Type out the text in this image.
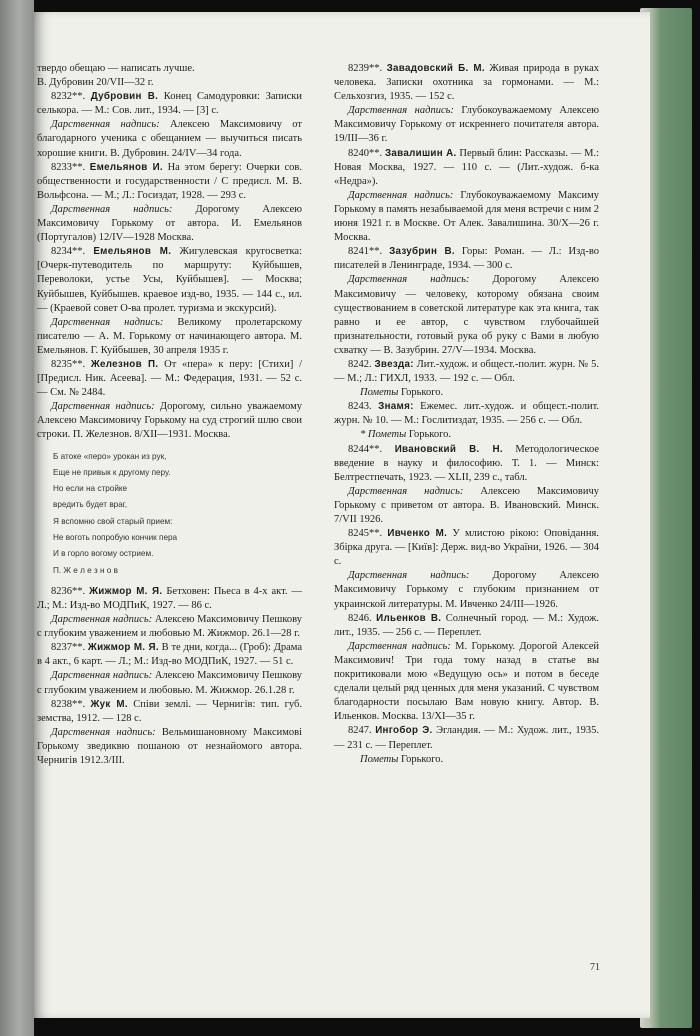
твердо обещаю — написать лучше.

В. Дубровин 20/VII—32 г.

8232**. Дубровин В. Конец Самодуровки: Записки селькора. — М.: Сов. лит., 1934. — [3] с.

Дарственная надпись: Алексею Максимовичу от благодарного ученика с обещанием — выучиться писать хорошие книги. В. Дубровин. 24/IV—34 года.

8233**. Емельянов И. На этом берегу: Очерки сов. общественности и государственности / С предисл. М. В. Вольфсона. — М.; Л.: Госиздат, 1928. — 293 с.

Дарственная надпись: Дорогому Алексею Максимовичу Горькому от автора. И. Емельянов (Португалов) 12/IV—1928 Москва.

8234**. Емельянов М. Жигулевская кругосветка: [Очерк-путеводитель по маршруту: Куйбышев, Переволоки, устье Усы, Куйбышев]. — Москва; Куйбышев, Куйбышев. краевое изд-во, 1935. — 144 с., ил. — (Краевой совет О-ва пролет. туризма и экскурсий).

Дарственная надпись: Великому пролетарскому писателю — А. М. Горькому от начинающего автора. М. Емельянов. Г. Куйбышев, 30 апреля 1935 г.

8235**. Железнов П. От «пера» к перу: [Стихи] / [Предисл. Ник. Асеева]. — М.: Федерация, 1931. — 52 с. — См. № 2484.

Дарственная надпись: Дорогому, сильно уважаемому Алексею Максимовичу Горькому на суд строгий шлю свои строки. П. Железнов. 8/XII—1931. Москва.

Б атоке «перо» урокан из рук,
Еще не привык к другому перу.
Но если на стройке
вредить будет враг,
Я вспомню свой старый прием:
Не воготь попробую кончик пера
И в горло вогому острием.
П. Ж е л е з н о в

8236**. Жижмор М. Я. Бетховен: Пьеса в 4-х акт. — Л.; М.: Изд-во МОДПиК, 1927. — 86 с.

Дарственная надпись: Алексею Максимовичу Пешкову с глубоким уважением и любовью М. Жижмор. 26.1—28 г.

8237**. Жижмор М. Я. В те дни, когда... (Гроб): Драма в 4 акт., 6 карт. — Л.; М.: Изд-во МОДПиК, 1927. — 51 с.

Дарственная надпись: Алексею Максимовичу Пешкову с глубоким уважением и любовью. М. Жижмор. 26.1.28 г.

8238**. Жук М. Співи землі. — Чернигів: тип. губ. земства, 1912. — 128 с.

Дарственная надпись: Вельмишановному Максимові Горькому зведиквю пошаною от незнайомого автора. Чернигів 1912.3/III.

8239**. Завадовский Б. М. Живая природа в руках человека. Записки охотника за гормонами. — М.: Сельхозгиз, 1935. — 152 с.

Дарственная надпись: Глубокоуважаемому Алексею Максимовичу Горькому от искреннего почитателя автора. 19/III—36 г.

8240**. Завалишин А. Первый блин: Рассказы. — М.: Новая Москва, 1927. — 110 с. — (Лит.-худож. б-ка «Недра»).

Дарственная надпись: Глубокоуважаемому Максиму Горькому в память незабываемой для меня встречи с ним 2 июня 1921 г. в Москве. От Алек. Завалишина. 30/X—26 г. Москва.

8241**. Зазубрин В. Горы: Роман. — Л.: Изд-во писателей в Ленинграде, 1934. — 300 с.

Дарственная надпись: Дорогому Алексею Максимовичу — человеку, которому обязана своим существованием в советской литературе как эта книга, так равно и ее автор, с чувством глубочайшей признательности, готовый рука об руку с Вами в любую схватку — В. Зазубрин. 27/V—1934. Москва.

8242. Звезда: Лит.-худож. и общест.-полит. журн. № 5. — М.; Л.: ГИХЛ, 1933. — 192 с. — Обл.

Пометы Горького.

8243. Знамя: Ежемес. лит.-худож. и общест.-полит. журн. № 10. — М.: Гослитиздат, 1935. — 256 с. — Обл.

* Пометы Горького.

8244**. Ивановский В. Н. Методологическое введение в науку и философию. Т. 1. — Минск: Белтрестпечать, 1923. — XLII, 239 с., табл.

Дарственная надпись: Алексею Максимовичу Горькому с приветом от автора. В. Ивановский. Минск. 7/VII 1926.

8245**. Ивченко М. У млистою рікою: Оповідання. Збірка друга. — [Київ]: Держ. вид-во України, 1926. — 304 с.

Дарственная надпись: Дорогому Алексею Максимовичу Горькому с глубоким признанием от украинской литературы. М. Ивченко 24/III—1926.

8246. Ильенков В. Солнечный город. — М.: Худож. лит., 1935. — 256 с. — Переплет.

Дарственная надпись: М. Горькому. Дорогой Алексей Максимович! Три года тому назад в статье вы покритиковали мою «Ведущую ось» и потом в беседе сделали целый ряд ценных для меня указаний. С чувством благодарности посылаю Вам новую книгу. Автор. В. Ильенков. Москва. 13/XI—35 г.

8247. Ингобор Э. Эгландия. — М.: Худож. лит., 1935. — 231 с. — Переплет.

Пометы Горького.

71
